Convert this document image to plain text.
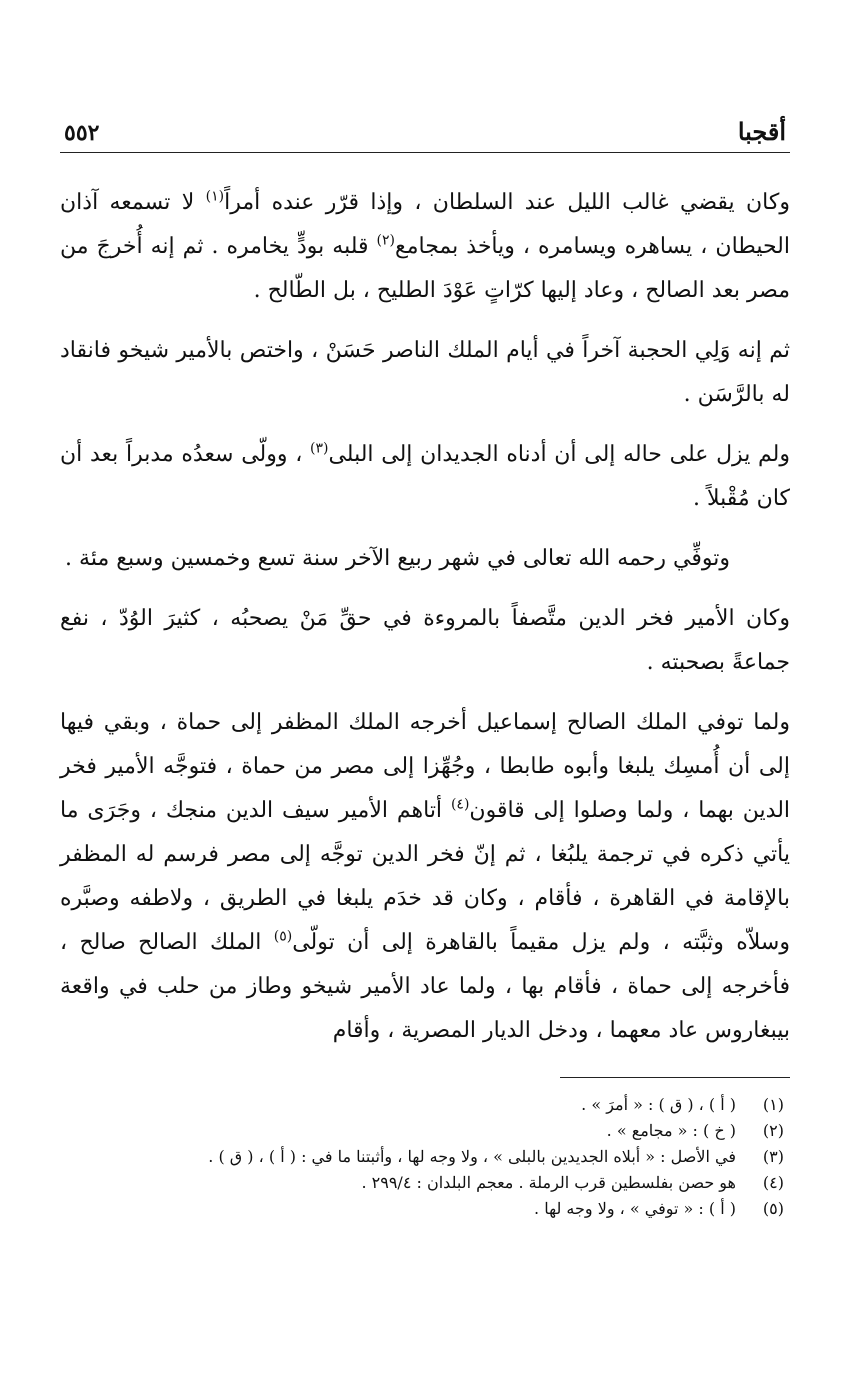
أقجبا
٥٥٢

وكان يقضي غالب الليل عند السلطان ، وإذا قرّر عنده أمراً$^{(١)}$ لا تسمعه آذان الحيطان ، يساهره ويسامره ، ويأخذ بمجامع$^{(٢)}$ قلبه بودٍّ يخامره . ثم إنه أُخرجَ من مصر بعد الصالح ، وعاد إليها كرّاتٍ عَوْدَ الطليح ، بل الطّالح .

ثم إنه وَلِي الحجبة آخراً في أيام الملك الناصر حَسَنْ ، واختص بالأمير شيخو فانقاد له بالرَّسَن .

ولم يزل على حاله إلى أن أدناه الجديدان إلى البلى$^{(٣)}$ ، وولّى سعدُه مدبراً بعد أن كان مُقْبلاً .

وتوفِّي رحمه الله تعالى في شهر ربيع الآخر سنة تسع وخمسين وسبع مئة .

وكان الأمير فخر الدين متَّصفاً بالمروءة في حقِّ مَنْ يصحبُه ، كثيرَ الوُدّ ، نفع جماعةً بصحبته .

ولما توفي الملك الصالح إسماعيل أخرجه الملك المظفر إلى حماة ، وبقي فيها إلى أن أُمسِك يلبغا وأبوه طابطا ، وجُهِّزا إلى مصر من حماة ، فتوجَّه الأمير فخر الدين بهما ، ولما وصلوا إلى قاقون$^{(٤)}$ أتاهم الأمير سيف الدين منجك ، وجَرَى ما يأتي ذكره في ترجمة يلبُغا ، ثم إنّ فخر الدين توجَّه إلى مصر فرسم له المظفر بالإقامة في القاهرة ، فأقام ، وكان قد خدَم يلبغا في الطريق ، ولاطفه وصبَّره وسلاّه وثبَّته ، ولم يزل مقيماً بالقاهرة إلى أن تولّى$^{(٥)}$ الملك الصالح صالح ، فأخرجه إلى حماة ، فأقام بها ، ولما عاد الأمير شيخو وطاز من حلب في واقعة بيبغاروس عاد معهما ، ودخل الديار المصرية ، وأقام

(١)
( أ ) ، ( ق ) : « أمرَ » .
(٢)
( خ ) : « مجامع » .
(٣)
في الأصل : « أبلاه الجديدين بالبلى » ، ولا وجه لها ، وأثبتنا ما في : ( أ ) ، ( ق ) .
(٤)
هو حصن بفلسطين قرب الرملة . معجم البلدان : ٢٩٩/٤ .
(٥)
( أ ) : « توفي » ، ولا وجه لها .
